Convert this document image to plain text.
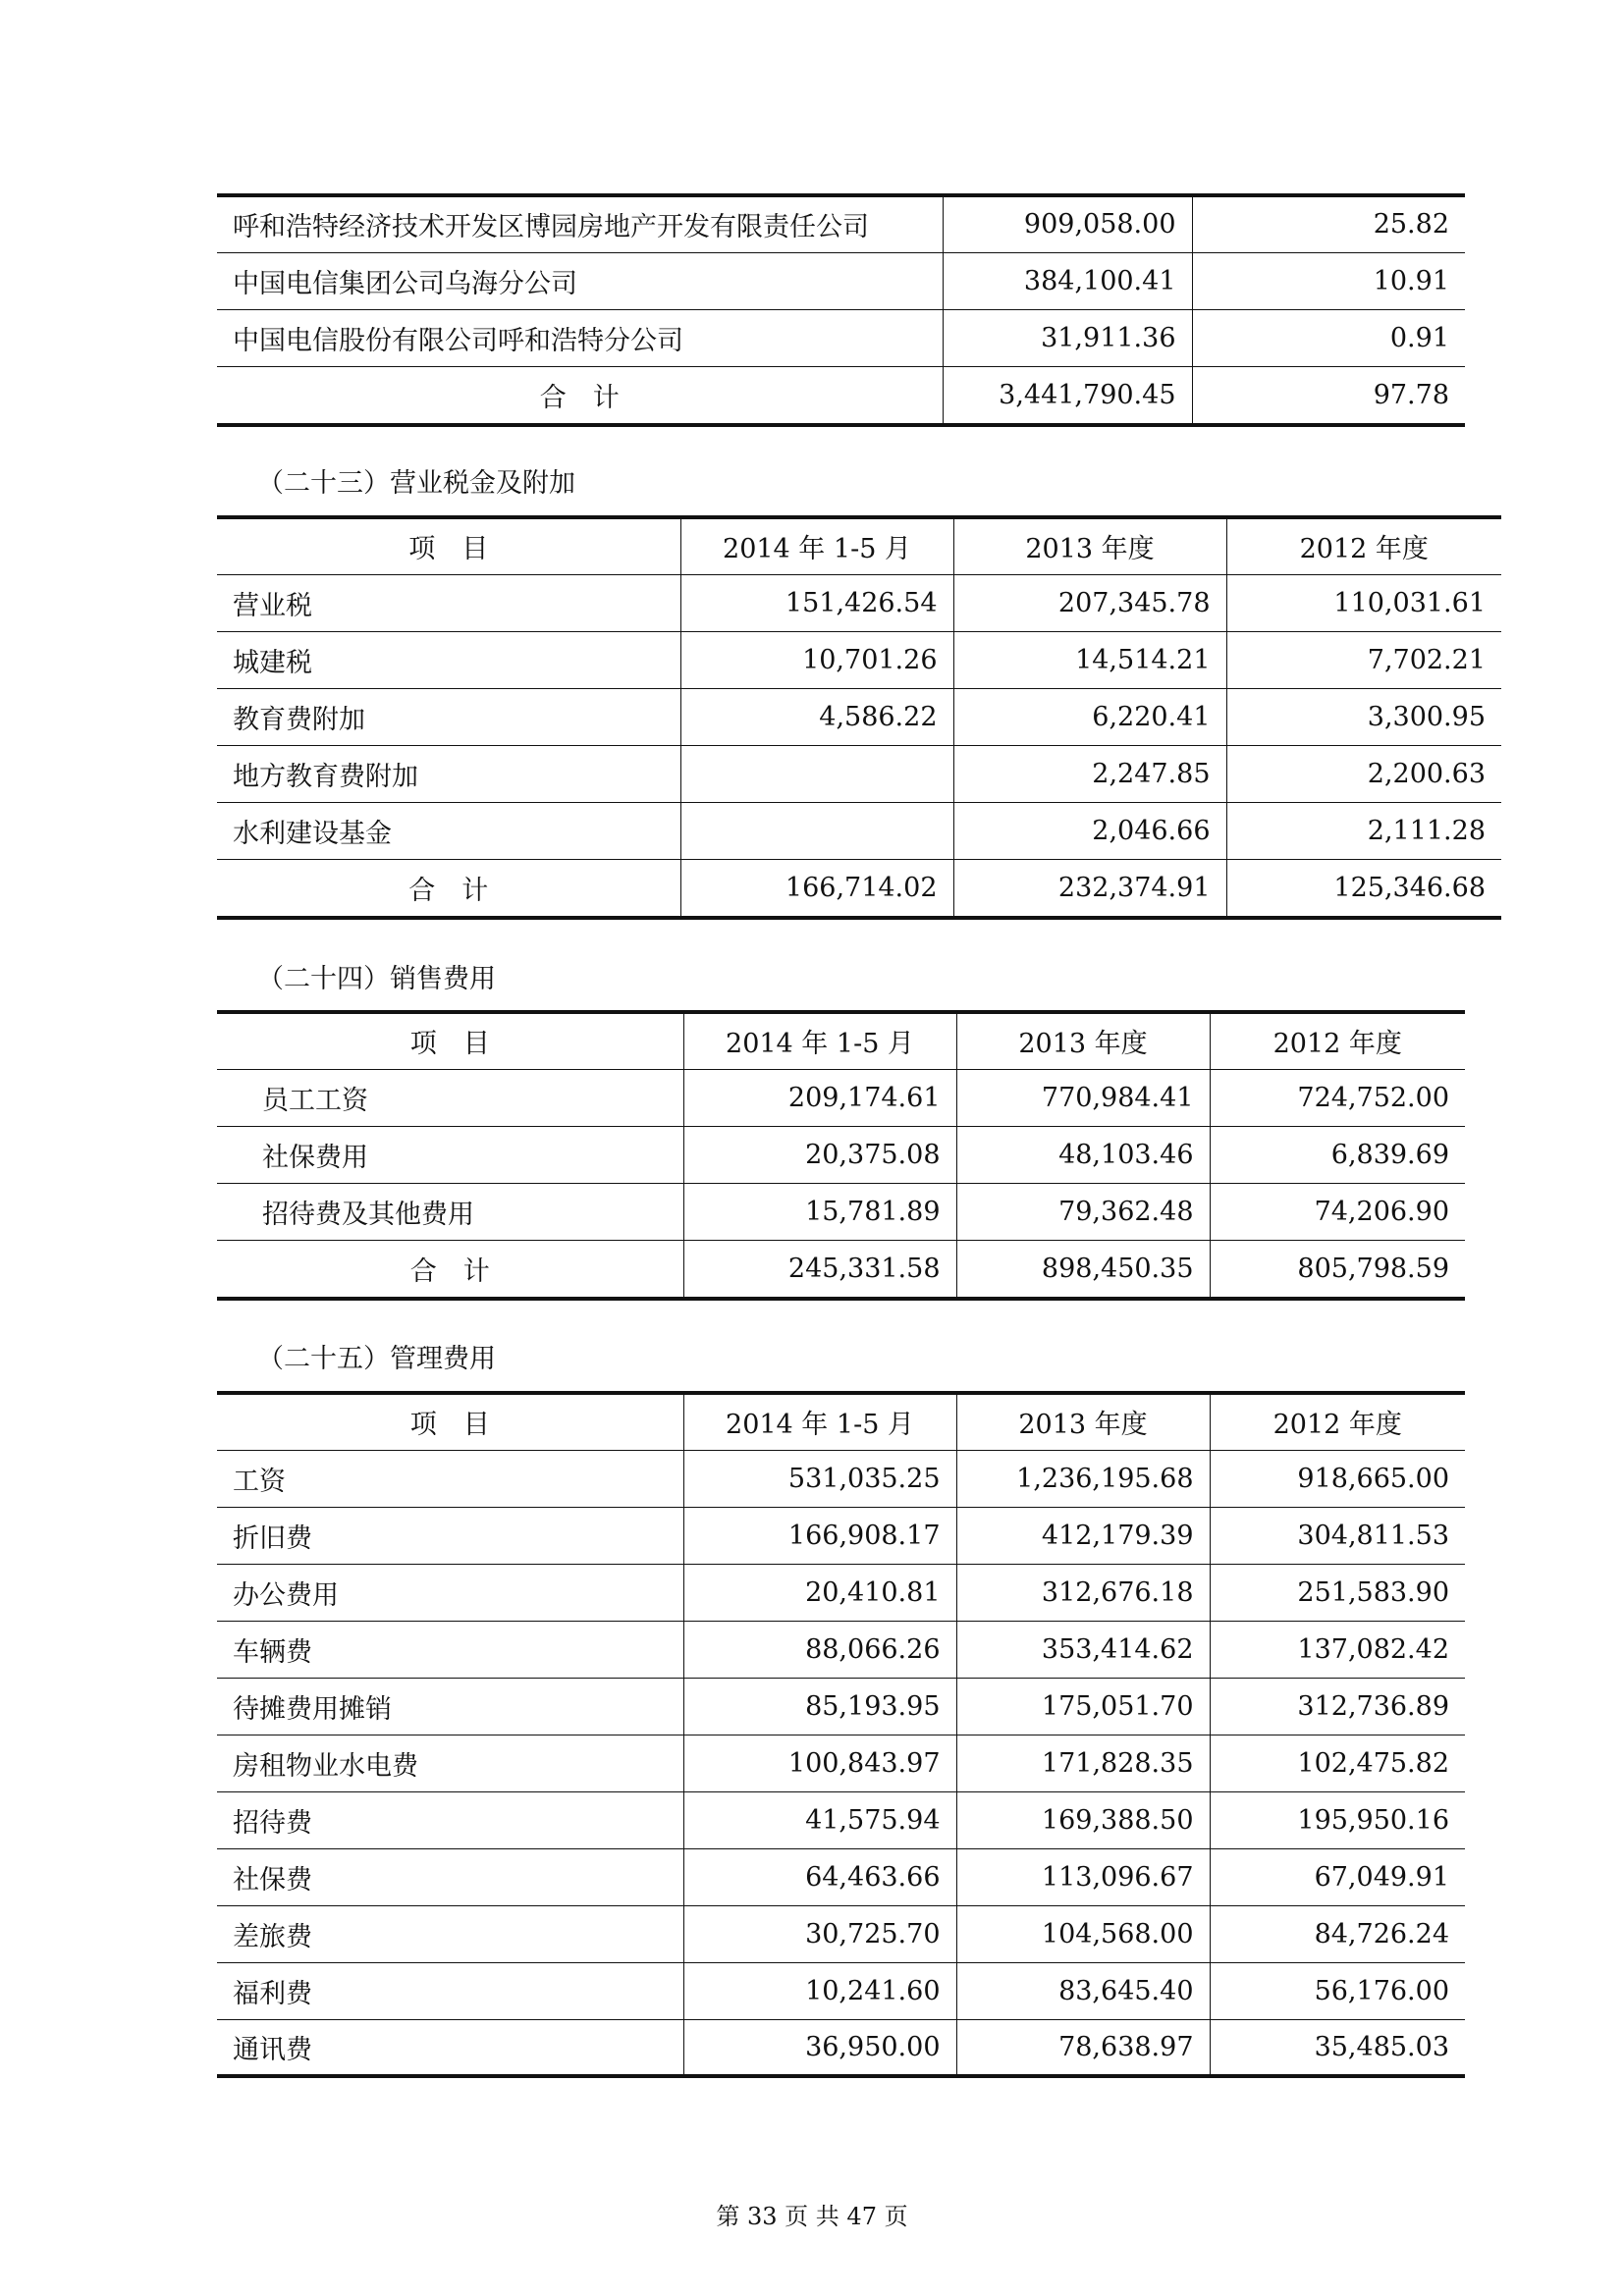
呼和浩特经济技术开发区博园房地产开发有限责任公司	909,058.00	25.82
中国电信集团公司乌海分公司	384,100.41	10.91
中国电信股份有限公司呼和浩特分公司	31,911.36	0.91
合　计	3,441,790.45	97.78
（二十三）营业税金及附加
项　目	2014 年 1-5 月	2013 年度	2012 年度
营业税	151,426.54	207,345.78	110,031.61
城建税	10,701.26	14,514.21	7,702.21
教育费附加	4,586.22	6,220.41	3,300.95
地方教育费附加		2,247.85	2,200.63
水利建设基金		2,046.66	2,111.28
合　计	166,714.02	232,374.91	125,346.68
（二十四）销售费用
项　目	2014 年 1-5 月	2013 年度	2012 年度
员工工资	209,174.61	770,984.41	724,752.00
社保费用	20,375.08	48,103.46	6,839.69
招待费及其他费用	15,781.89	79,362.48	74,206.90
合　计	245,331.58	898,450.35	805,798.59
（二十五）管理费用
项　目	2014 年 1-5 月	2013 年度	2012 年度
工资	531,035.25	1,236,195.68	918,665.00
折旧费	166,908.17	412,179.39	304,811.53
办公费用	20,410.81	312,676.18	251,583.90
车辆费	88,066.26	353,414.62	137,082.42
待摊费用摊销	85,193.95	175,051.70	312,736.89
房租物业水电费	100,843.97	171,828.35	102,475.82
招待费	41,575.94	169,388.50	195,950.16
社保费	64,463.66	113,096.67	67,049.91
差旅费	30,725.70	104,568.00	84,726.24
福利费	10,241.60	83,645.40	56,176.00
通讯费	36,950.00	78,638.97	35,485.03
第 33 页 共 47 页
